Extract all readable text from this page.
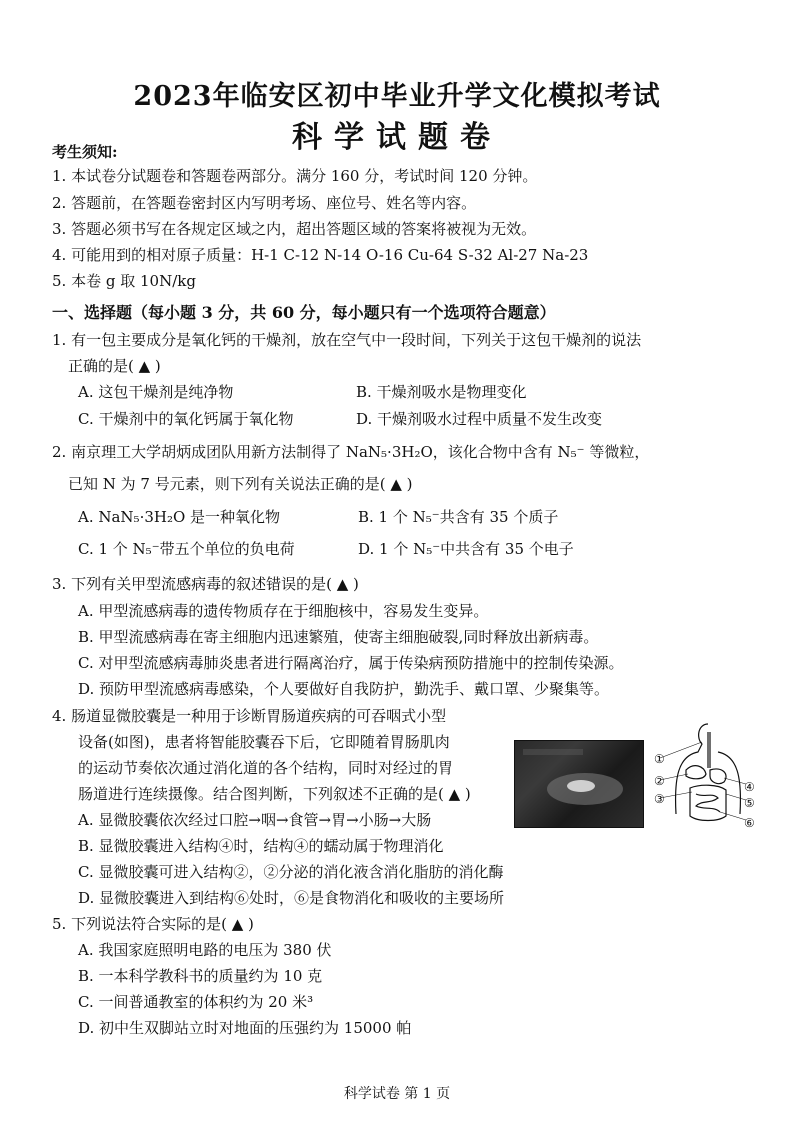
2023年临安区初中毕业升学文化模拟考试
科学试题卷
考生须知:
1. 本试卷分试题卷和答题卷两部分。满分 160 分，考试时间 120 分钟。
2. 答题前，在答题卷密封区内写明考场、座位号、姓名等内容。
3. 答题必须书写在各规定区域之内，超出答题区域的答案将被视为无效。
4. 可能用到的相对原子质量：H-1 C-12 N-14 O-16 Cu-64 S-32 Al-27 Na-23
5. 本卷 g 取 10N/kg
一、选择题（每小题 3 分，共 60 分，每小题只有一个选项符合题意）
1. 有一包主要成分是氧化钙的干燥剂，放在空气中一段时间，下列关于这包干燥剂的说法
正确的是( ▲ )
A. 这包干燥剂是纯净物	B. 干燥剂吸水是物理变化
C. 干燥剂中的氧化钙属于氧化物	D. 干燥剂吸水过程中质量不发生改变
2. 南京理工大学胡炳成团队用新方法制得了 NaN₅·3H₂O，该化合物中含有 N₅⁻ 等微粒，
已知 N 为 7 号元素，则下列有关说法正确的是( ▲ )
A. NaN₅·3H₂O 是一种氧化物	B. 1 个 N₅⁻共含有 35 个质子
C. 1 个 N₅⁻带五个单位的负电荷	D. 1 个 N₅⁻中共含有 35 个电子
3. 下列有关甲型流感病毒的叙述错误的是( ▲ )
A. 甲型流感病毒的遗传物质存在于细胞核中，容易发生变异。
B. 甲型流感病毒在寄主细胞内迅速繁殖，使寄主细胞破裂,同时释放出新病毒。
C. 对甲型流感病毒肺炎患者进行隔离治疗，属于传染病预防措施中的控制传染源。
D. 预防甲型流感病毒感染，个人要做好自我防护，勤洗手、戴口罩、少聚集等。
4. 肠道显微胶囊是一种用于诊断胃肠道疾病的可吞咽式小型
设备(如图)，患者将智能胶囊吞下后，它即随着胃肠肌肉
的运动节奏依次通过消化道的各个结构，同时对经过的胃
肠道进行连续摄像。结合图判断，下列叙述不正确的是( ▲ )
A. 显微胶囊依次经过口腔→咽→食管→胃→小肠→大肠
B. 显微胶囊进入结构④时，结构④的蠕动属于物理消化
C. 显微胶囊可进入结构②，②分泌的消化液含消化脂肪的消化酶
D. 显微胶囊进入到结构⑥处时，⑥是食物消化和吸收的主要场所
①
②
③
④
⑤
⑥
5. 下列说法符合实际的是( ▲ )
A. 我国家庭照明电路的电压为 380 伏
B. 一本科学教科书的质量约为 10 克
C. 一间普通教室的体积约为 20 米³
D. 初中生双脚站立时对地面的压强约为 15000 帕
科学试卷 第 1 页
